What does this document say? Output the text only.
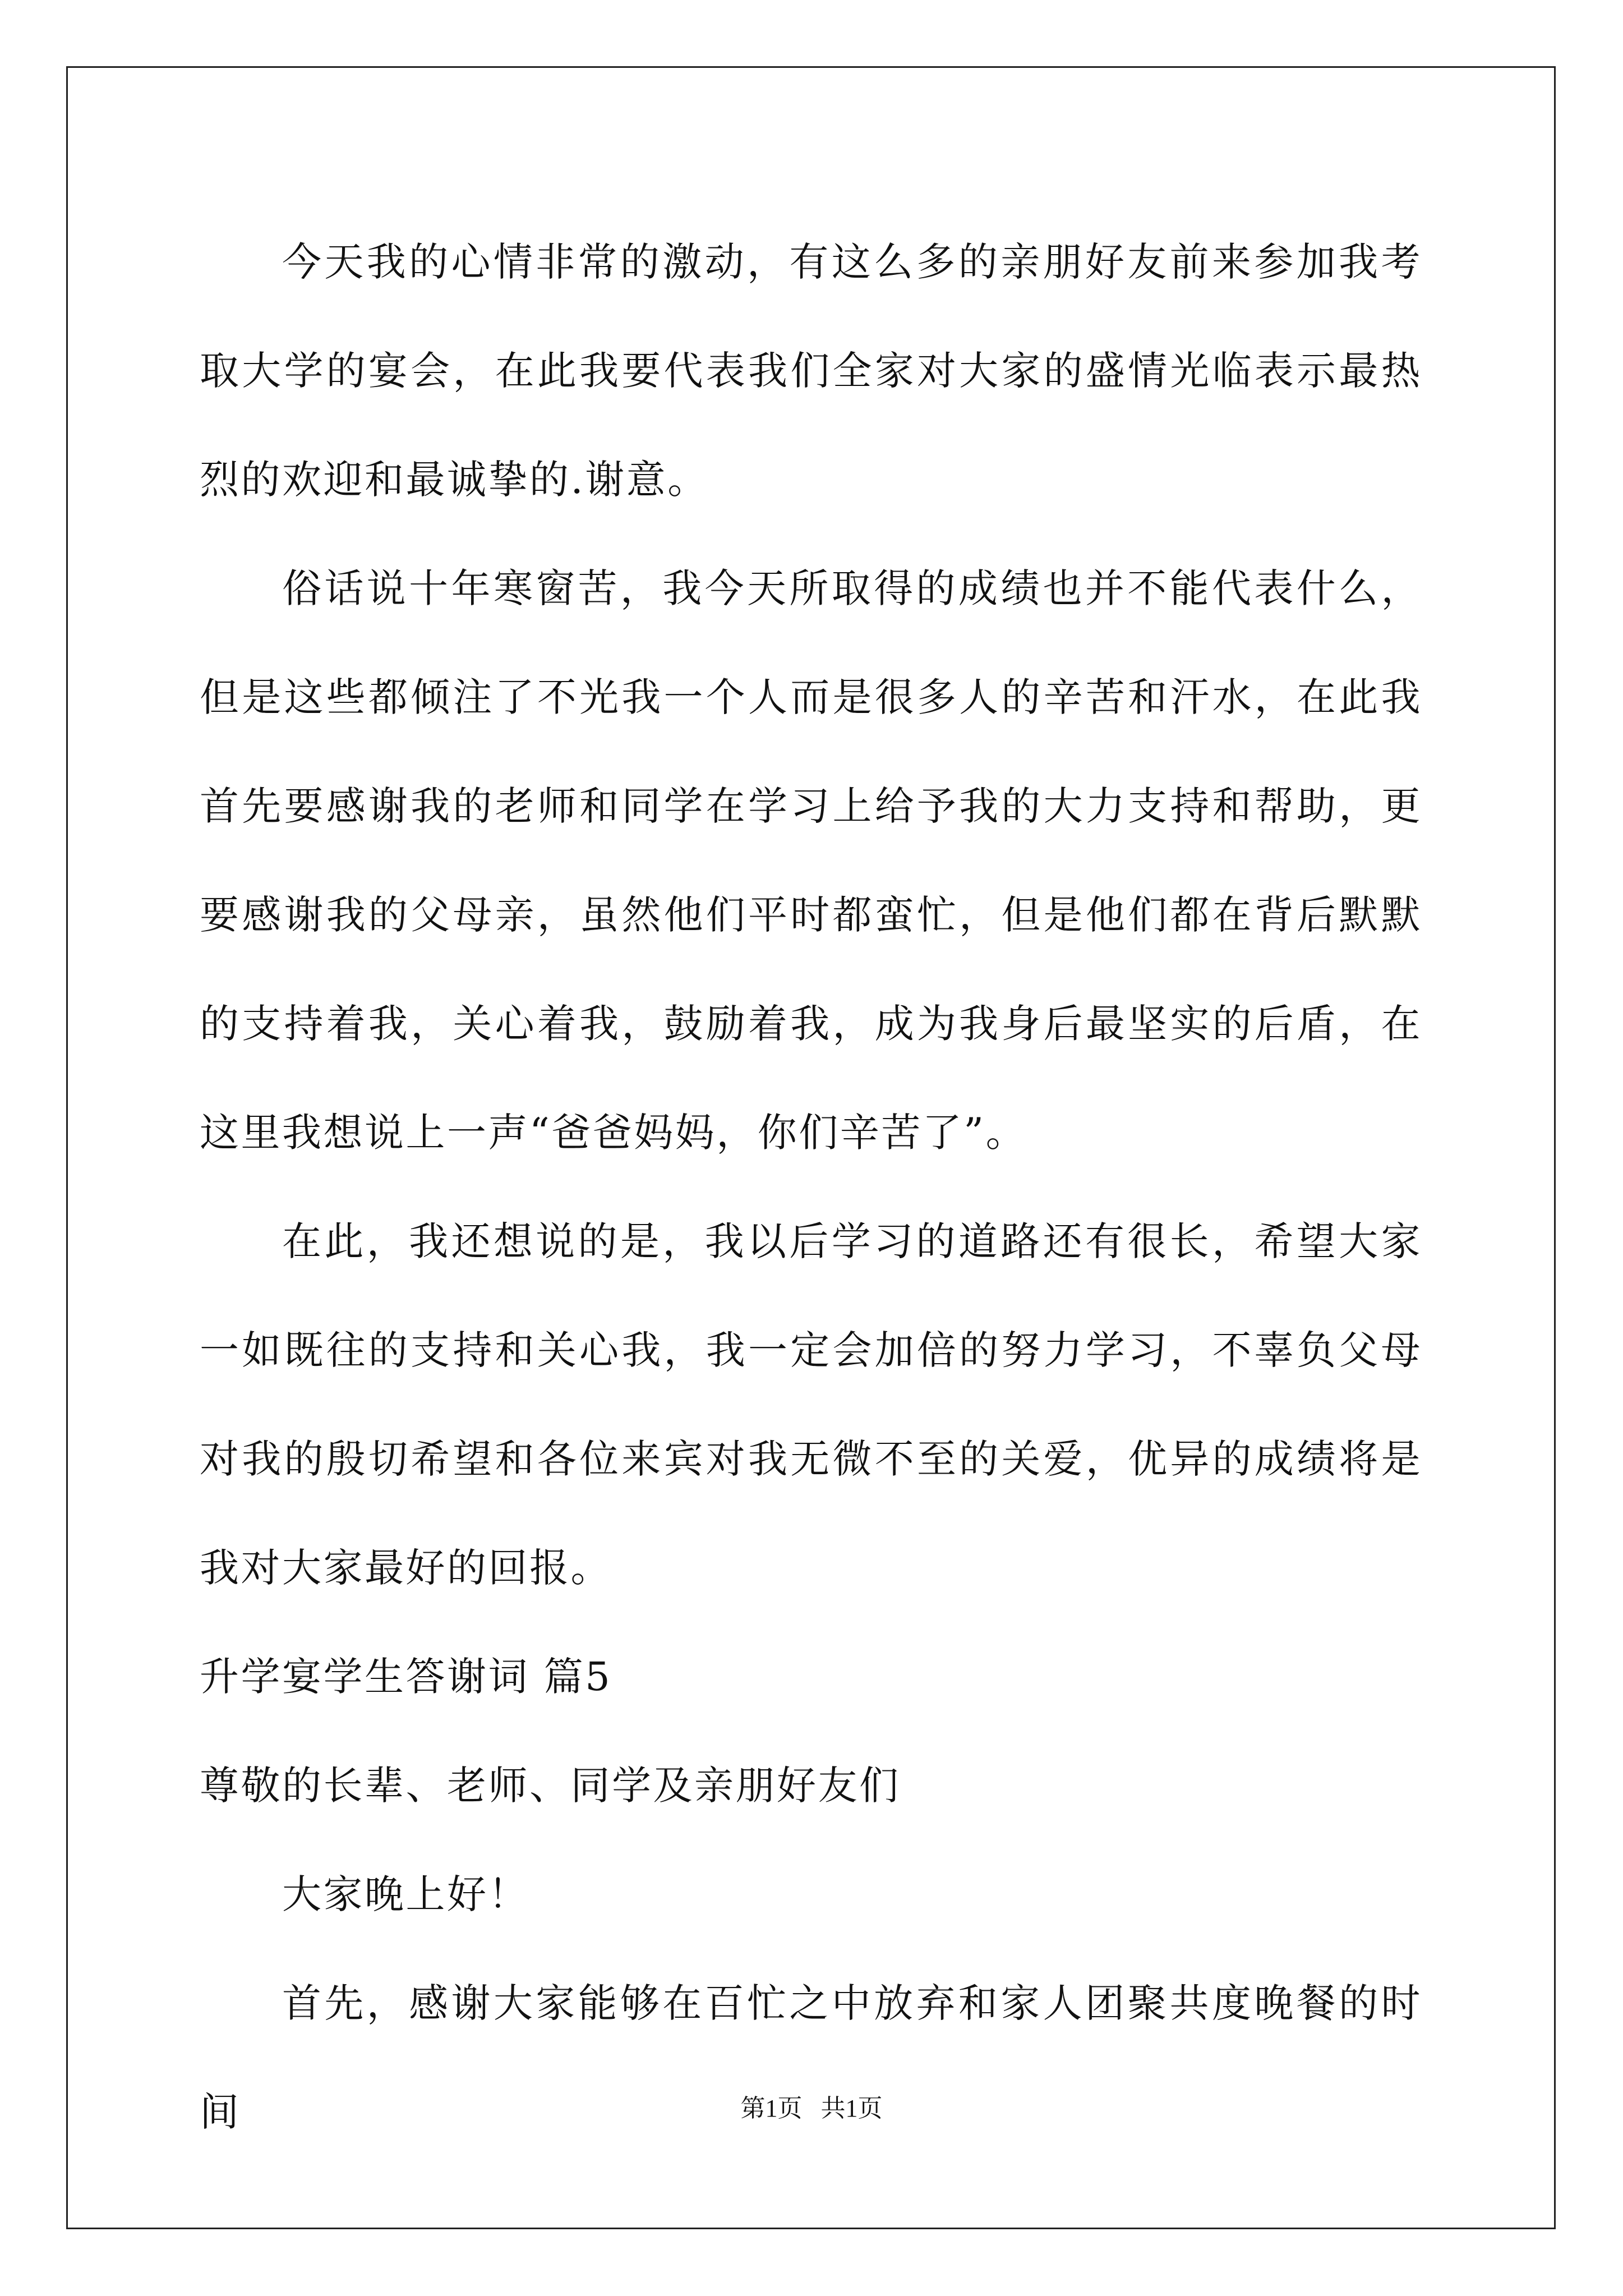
今天我的心情非常的激动，有这么多的亲朋好友前来参加我考取大学的宴会，在此我要代表我们全家对大家的盛情光临表示最热烈的欢迎和最诚挚的.谢意。

俗话说十年寒窗苦，我今天所取得的成绩也并不能代表什么，但是这些都倾注了不光我一个人而是很多人的辛苦和汗水，在此我首先要感谢我的老师和同学在学习上给予我的大力支持和帮助，更要感谢我的父母亲，虽然他们平时都蛮忙，但是他们都在背后默默的支持着我，关心着我，鼓励着我，成为我身后最坚实的后盾，在这里我想说上一声“爸爸妈妈，你们辛苦了”。

在此，我还想说的是，我以后学习的道路还有很长，希望大家一如既往的支持和关心我，我一定会加倍的努力学习，不辜负父母对我的殷切希望和各位来宾对我无微不至的关爱，优异的成绩将是我对大家最好的回报。

升学宴学生答谢词 篇5

尊敬的长辈、老师、同学及亲朋好友们

大家晚上好！

首先，感谢大家能够在百忙之中放弃和家人团聚共度晚餐的时间	第1页   共1页
